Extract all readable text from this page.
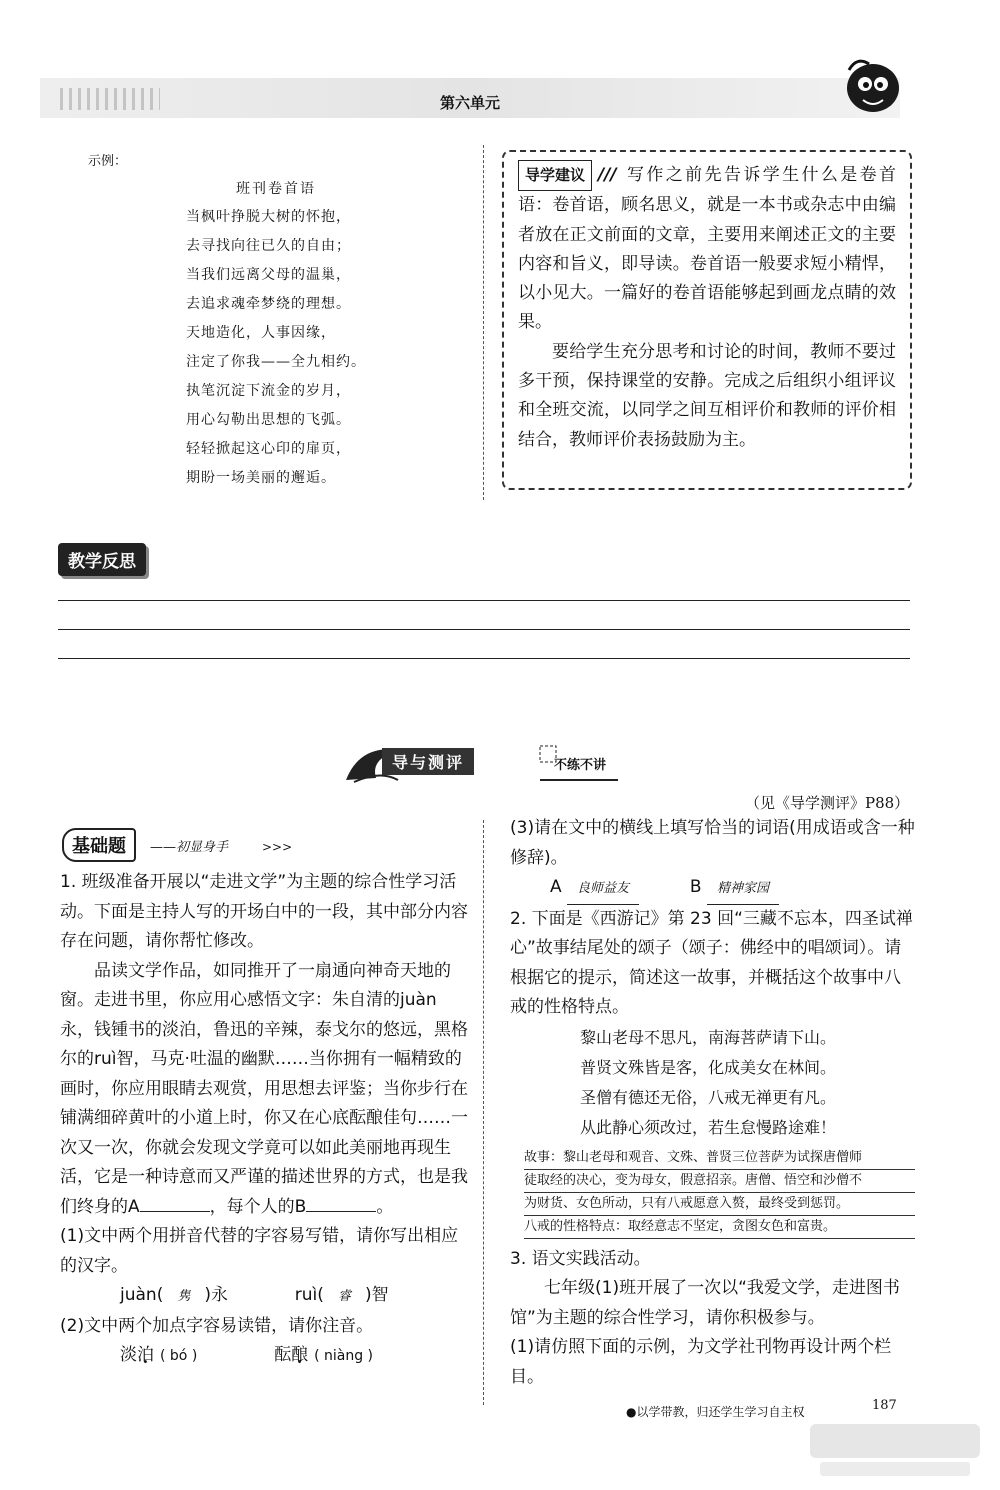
第六单元
示例：
班刊卷首语
当枫叶挣脱大树的怀抱，
去寻找向往已久的自由；
当我们远离父母的温巢，
去追求魂牵梦绕的理想。
天地造化，人事因缘，
注定了你我——全九相约。
执笔沉淀下流金的岁月，
用心勾勒出思想的飞弧。
轻轻掀起这心印的扉页，
期盼一场美丽的邂逅。

导学建议 /// 写作之前先告诉学生什么是卷首语：卷首语，顾名思义，就是一本书或杂志中由编者放在正文前面的文章，主要用来阐述正文的主要内容和旨义，即导读。卷首语一般要求短小精悍，以小见大。一篇好的卷首语能够起到画龙点睛的效果。

要给学生充分思考和讨论的时间，教师不要过多干预，保持课堂的安静。完成之后组织小组评议和全班交流，以同学之间互相评价和教师的评价相结合，教师评价表扬鼓励为主。

教学反思
导与测评	不练不讲
（见《导学测评》P88）
基础题	——初显身手	>>>

1. 班级准备开展以“走进文学”为主题的综合性学习活动。下面是主持人写的开场白中的一段，其中部分内容存在问题，请你帮忙修改。

品读文学作品，如同推开了一扇通向神奇天地的窗。走进书里，你应用心感悟文字：朱自清的juàn永，钱锺书的淡泊，鲁迅的辛辣，泰戈尔的悠远，黑格尔的ruì智，马克·吐温的幽默……当你拥有一幅精致的画时，你应用眼睛去观赏，用思想去评鉴；当你步行在铺满细碎黄叶的小道上时，你又在心底酝酿佳句……一次又一次，你就会发现文学竟可以如此美丽地再现生活，它是一种诗意而又严谨的描述世界的方式，也是我们终身的A	，每个人的B	。

(1)文中两个用拼音代替的字容易写错，请你写出相应的汉字。

juàn( 隽 )永	ruì( 睿 )智

(2)文中两个加点字容易读错，请你注音。

淡泊 ( bó )	酝酿 ( niàng )

(3)请在文中的横线上填写恰当的词语(用成语或含一种修辞)。

A 良师益友	B 精神家园

2. 下面是《西游记》第 23 回“三藏不忘本，四圣试禅心”故事结尾处的颂子（颂子：佛经中的唱颂词）。请根据它的提示，简述这一故事，并概括这个故事中八戒的性格特点。

黎山老母不思凡，南海菩萨请下山。
普贤文殊皆是客，化成美女在林间。
圣僧有德还无俗，八戒无禅更有凡。
从此静心须改过，若生怠慢路途难！
故事：黎山老母和观音、文殊、普贤三位菩萨为试探唐僧师
徒取经的决心，变为母女，假意招亲。唐僧、悟空和沙僧不
为财货、女色所动，只有八戒愿意入赘，最终受到惩罚。
八戒的性格特点：取经意志不坚定，贪图女色和富贵。

3. 语文实践活动。

七年级(1)班开展了一次以“我爱文学，走进图书馆”为主题的综合性学习，请你积极参与。

(1)请仿照下面的示例，为文学社刊物再设计两个栏目。

●以学带教，归还学生学习自主权	187
